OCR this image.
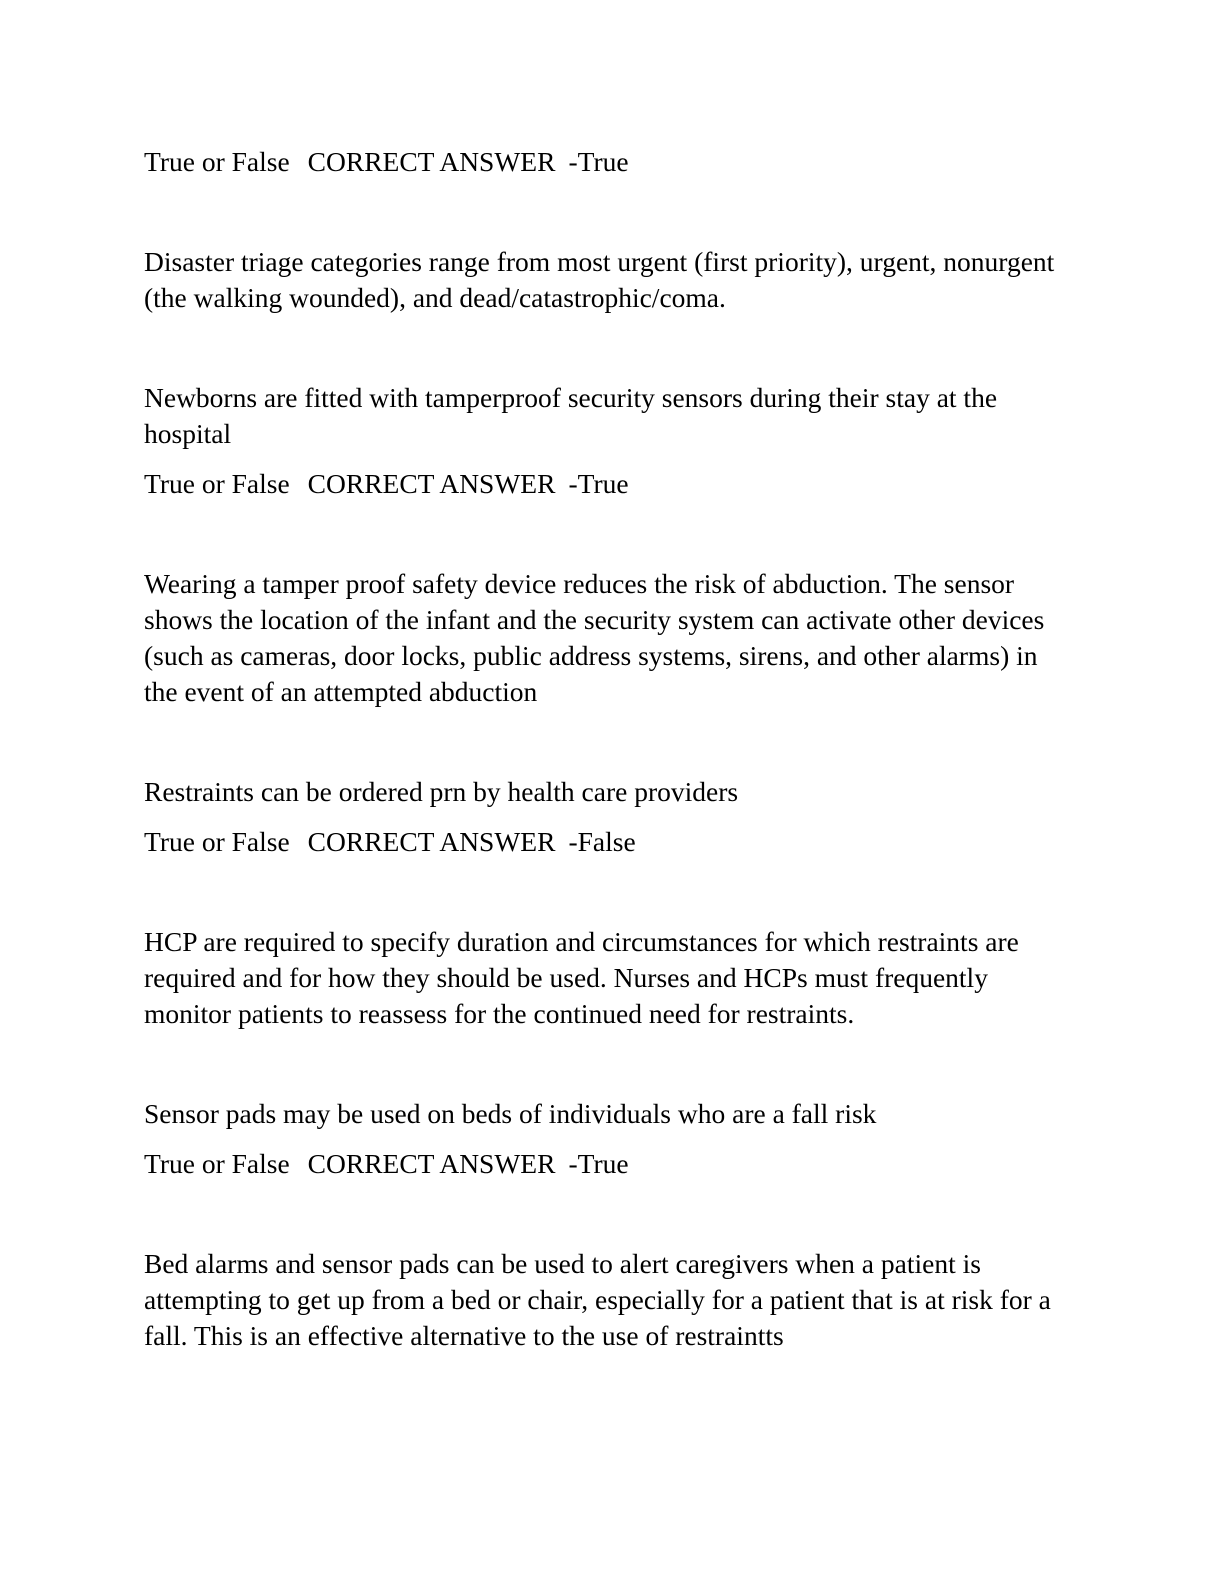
True or False CORRECT ANSWER -True

Disaster triage categories range from most urgent (first priority), urgent, nonurgent (the walking wounded), and dead/catastrophic/coma.

Newborns are fitted with tamperproof security sensors during their stay at the hospital

True or False CORRECT ANSWER -True

Wearing a tamper proof safety device reduces the risk of abduction. The sensor shows the location of the infant and the security system can activate other devices (such as cameras, door locks, public address systems, sirens, and other alarms) in the event of an attempted abduction

Restraints can be ordered prn by health care providers

True or False CORRECT ANSWER -False

HCP are required to specify duration and circumstances for which restraints are required and for how they should be used. Nurses and HCPs must frequently monitor patients to reassess for the continued need for restraints.

Sensor pads may be used on beds of individuals who are a fall risk

True or False CORRECT ANSWER -True

Bed alarms and sensor pads can be used to alert caregivers when a patient is attempting to get up from a bed or chair, especially for a patient that is at risk for a fall. This is an effective alternative to the use of restraintts
